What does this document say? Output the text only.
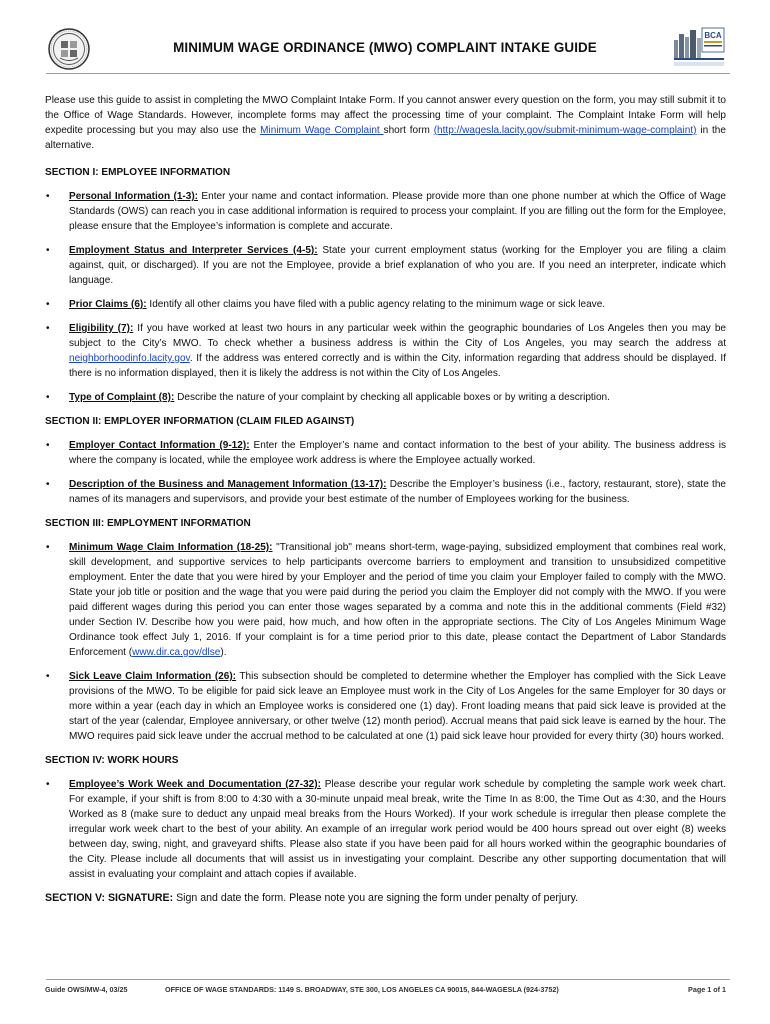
MINIMUM WAGE ORDINANCE (MWO) COMPLAINT INTAKE GUIDE
BCA

Please use this guide to assist in completing the MWO Complaint Intake Form. If you cannot answer every question on the form, you may still submit it to the Office of Wage Standards. However, incomplete forms may affect the processing time of your complaint. The Complaint Intake Form will help expedite processing but you may also use the Minimum Wage Complaint short form (http://wagesla.lacity.gov/submit-minimum-wage-complaint) in the alternative.

SECTION I: EMPLOYEE INFORMATION
• Personal Information (1-3): Enter your name and contact information. Please provide more than one phone number at which the Office of Wage Standards (OWS) can reach you in case additional information is required to process your complaint. If you are filling out the form for the Employee, please ensure that the Employee’s information is complete and accurate.
• Employment Status and Interpreter Services (4-5): State your current employment status (working for the Employer you are filing a claim against, quit, or discharged). If you are not the Employee, provide a brief explanation of who you are. If you need an interpreter, indicate which language.
• Prior Claims (6): Identify all other claims you have filed with a public agency relating to the minimum wage or sick leave.
• Eligibility (7): If you have worked at least two hours in any particular week within the geographic boundaries of Los Angeles then you may be subject to the City’s MWO. To check whether a business address is within the City of Los Angeles, you may search the address at neighborhoodinfo.lacity.gov. If the address was entered correctly and is within the City, information regarding that address should be displayed. If there is no information displayed, then it is likely the address is not within the City of Los Angeles.
• Type of Complaint (8): Describe the nature of your complaint by checking all applicable boxes or by writing a description.
SECTION II: EMPLOYER INFORMATION (CLAIM FILED AGAINST)
• Employer Contact Information (9-12): Enter the Employer’s name and contact information to the best of your ability. The business address is where the company is located, while the employee work address is where the Employee actually worked.
• Description of the Business and Management Information (13-17): Describe the Employer’s business (i.e., factory, restaurant, store), state the names of its managers and supervisors, and provide your best estimate of the number of Employees working for the business.
SECTION III: EMPLOYMENT INFORMATION
• Minimum Wage Claim Information (18-25): "Transitional job" means short-term, wage-paying, subsidized employment that combines real work, skill development, and supportive services to help participants overcome barriers to employment and transition to unsubsidized competitive employment. Enter the date that you were hired by your Employer and the period of time you claim your Employer failed to comply with the MWO. State your job title or position and the wage that you were paid during the period you claim the Employer did not comply with the MWO. If you were paid different wages during this period you can enter those wages separated by a comma and note this in the additional comments (Field #32) under Section IV. Describe how you were paid, how much, and how often in the appropriate sections. The City of Los Angeles Minimum Wage Ordinance took effect July 1, 2016. If your complaint is for a time period prior to this date, please contact the Department of Labor Standards Enforcement (www.dir.ca.gov/dlse).
• Sick Leave Claim Information (26): This subsection should be completed to determine whether the Employer has complied with the Sick Leave provisions of the MWO. To be eligible for paid sick leave an Employee must work in the City of Los Angeles for the same Employer for 30 days or more within a year (each day in which an Employee works is considered one (1) day). Front loading means that paid sick leave is provided at the start of the year (calendar, Employee anniversary, or other twelve (12) month period). Accrual means that paid sick leave is earned by the hour. The MWO requires paid sick leave under the accrual method to be calculated at one (1) paid sick leave hour provided for every thirty (30) hours worked.
SECTION IV: WORK HOURS
• Employee’s Work Week and Documentation (27-32): Please describe your regular work schedule by completing the sample work week chart. For example, if your shift is from 8:00 to 4:30 with a 30-minute unpaid meal break, write the Time In as 8:00, the Time Out as 4:30, and the Hours Worked as 8 (make sure to deduct any unpaid meal breaks from the Hours Worked). If your work schedule is irregular then please complete the irregular work week chart to the best of your ability. An example of an irregular work period would be 400 hours spread out over eight (8) weeks between day, swing, night, and graveyard shifts. Please also state if you have been paid for all hours worked within the geographic boundaries of the City. Please include all documents that will assist us in investigating your complaint. Describe any other supporting documentation that will assist in evaluating your complaint and attach copies if available.
SECTION V: SIGNATURE: Sign and date the form. Please note you are signing the form under penalty of perjury.
Guide OWS/MW-4, 03/25	OFFICE OF WAGE STANDARDS: 1149 S. BROADWAY, STE 300, LOS ANGELES CA 90015, 844-WAGESLA (924-3752)	Page 1 of 1
